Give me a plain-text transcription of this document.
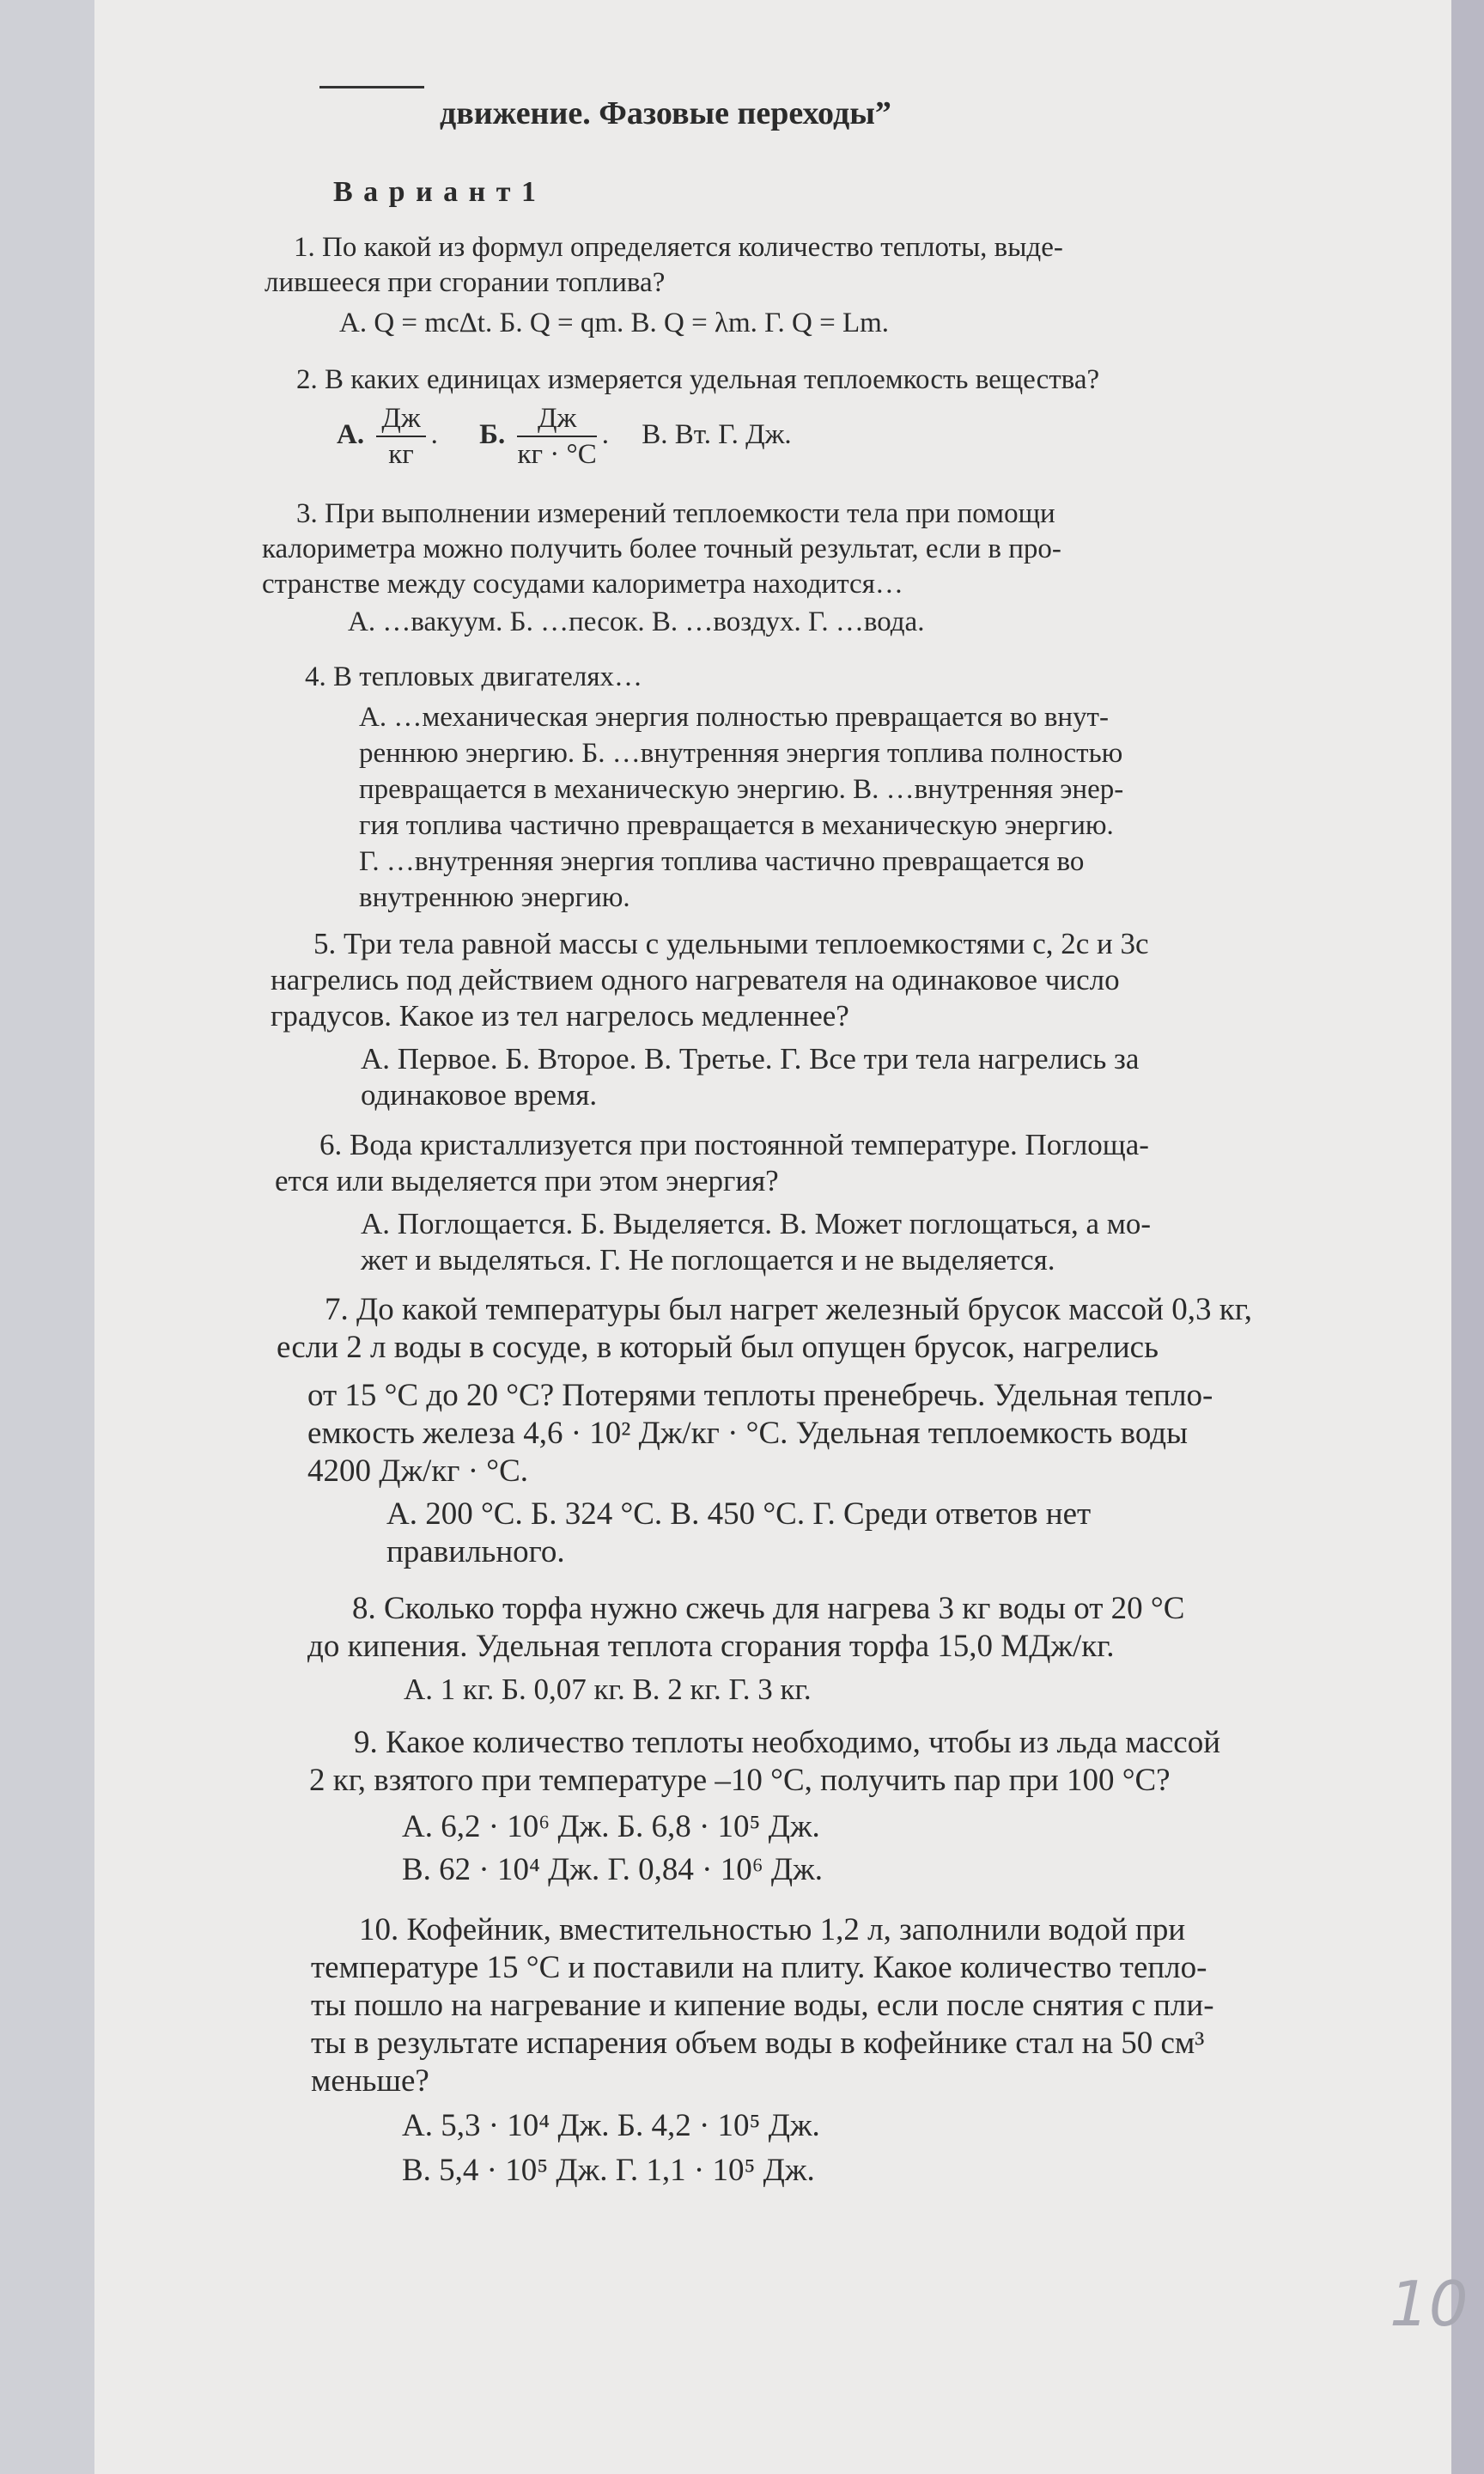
движение. Фазовые переходы”
В а р и а н т 1
1. По какой из формул определяется количество теплоты, выде-
лившееся при сгорании топлива?
А. Q = mcΔt. Б. Q = qm. В. Q = λm. Г. Q = Lm.
2. В каких единицах измеряется удельная теплоемкость вещества?
А. $\frac{Дж}{кг}$ . Б. $\frac{Дж}{кг \cdot ^\circ С}$ . В. Вт. Г. Дж.
3. При выполнении измерений теплоемкости тела при помощи
калориметра можно получить более точный результат, если в про-
странстве между сосудами калориметра находится…
А. …вакуум. Б. …песок. В. …воздух. Г. …вода.
4. В тепловых двигателях…
А. …механическая энергия полностью превращается во внут-
реннюю энергию. Б. …внутренняя энергия топлива полностью
превращается в механическую энергию. В. …внутренняя энер-
гия топлива частично превращается в механическую энергию.
Г. …внутренняя энергия топлива частично превращается во
внутреннюю энергию.
5. Три тела равной массы с удельными теплоемкостями с, 2с и 3с
нагрелись под действием одного нагревателя на одинаковое число
градусов. Какое из тел нагрелось медленнее?
А. Первое. Б. Второе. В. Третье. Г. Все три тела нагрелись за
одинаковое время.
6. Вода кристаллизуется при постоянной температуре. Поглоща-
ется или выделяется при этом энергия?
А. Поглощается. Б. Выделяется. В. Может поглощаться, а мо-
жет и выделяться. Г. Не поглощается и не выделяется.
7. До какой температуры был нагрет железный брусок массой 0,3 кг,
если 2 л воды в сосуде, в который был опущен брусок, нагрелись
от 15 °С до 20 °С? Потерями теплоты пренебречь. Удельная тепло-
емкость железа 4,6 · 10² Дж/кг · °С. Удельная теплоемкость воды
4200 Дж/кг · °С.
А. 200 °С. Б. 324 °С. В. 450 °С. Г. Среди ответов нет
правильного.
8. Сколько торфа нужно сжечь для нагрева 3 кг воды от 20 °С
до кипения. Удельная теплота сгорания торфа 15,0 МДж/кг.
А. 1 кг. Б. 0,07 кг. В. 2 кг. Г. 3 кг.
9. Какое количество теплоты необходимо, чтобы из льда массой
2 кг, взятого при температуре –10 °С, получить пар при 100 °С?
А. 6,2 · 10⁶ Дж. Б. 6,8 · 10⁵ Дж.
В. 62 · 10⁴ Дж. Г. 0,84 · 10⁶ Дж.
10. Кофейник, вместительностью 1,2 л, заполнили водой при
температуре 15 °С и поставили на плиту. Какое количество тепло-
ты пошло на нагревание и кипение воды, если после снятия с пли-
ты в результате испарения объем воды в кофейнике стал на 50 см³
меньше?
А. 5,3 · 10⁴ Дж. Б. 4,2 · 10⁵ Дж.
В. 5,4 · 10⁵ Дж. Г. 1,1 · 10⁵ Дж.
10
